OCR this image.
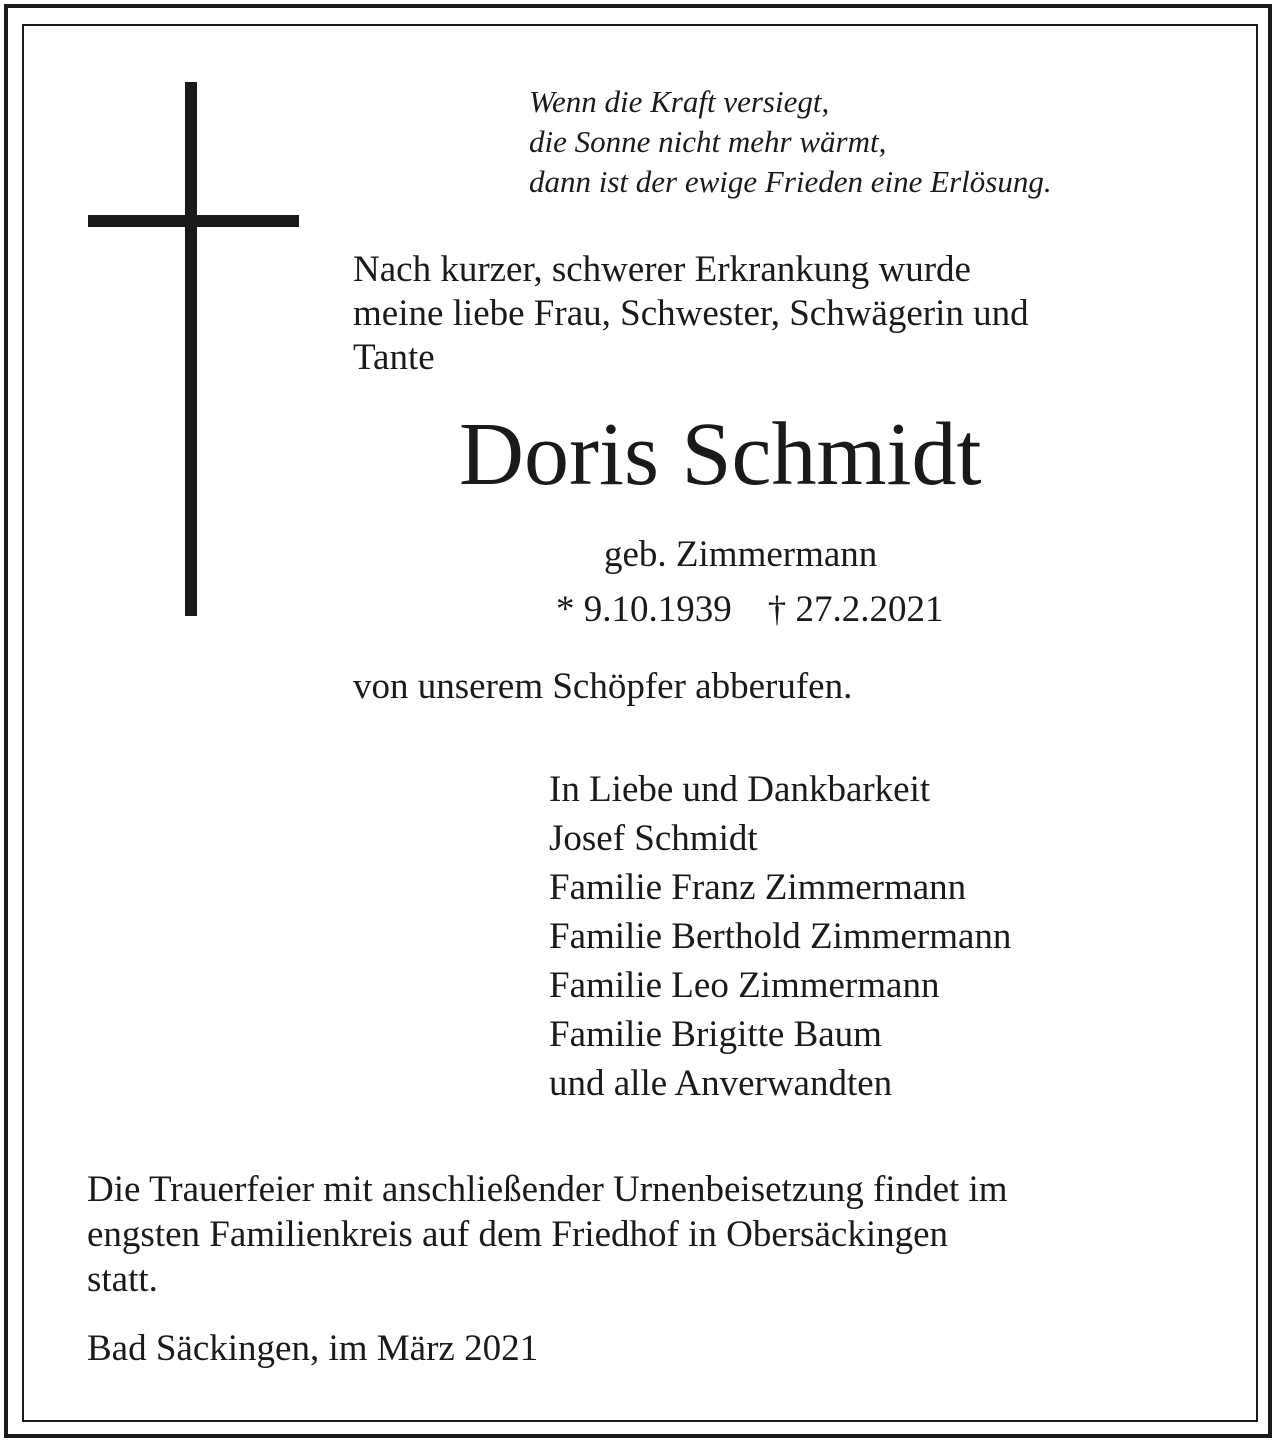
Wenn die Kraft versiegt,
die Sonne nicht mehr wärmt,
dann ist der ewige Frieden eine Erlösung.
Nach kurzer, schwerer Erkrankung wurde
meine liebe Frau, Schwester, Schwägerin und
Tante
Doris Schmidt
geb. Zimmermann
* 9.10.1939 † 27.2.2021
von unserem Schöpfer abberufen.
In Liebe und Dankbarkeit
Josef Schmidt
Familie Franz Zimmermann
Familie Berthold Zimmermann
Familie Leo Zimmermann
Familie Brigitte Baum
und alle Anverwandten
Die Trauerfeier mit anschließender Urnenbeisetzung findet im
engsten Familienkreis auf dem Friedhof in Obersäckingen
statt.
Bad Säckingen, im März 2021
